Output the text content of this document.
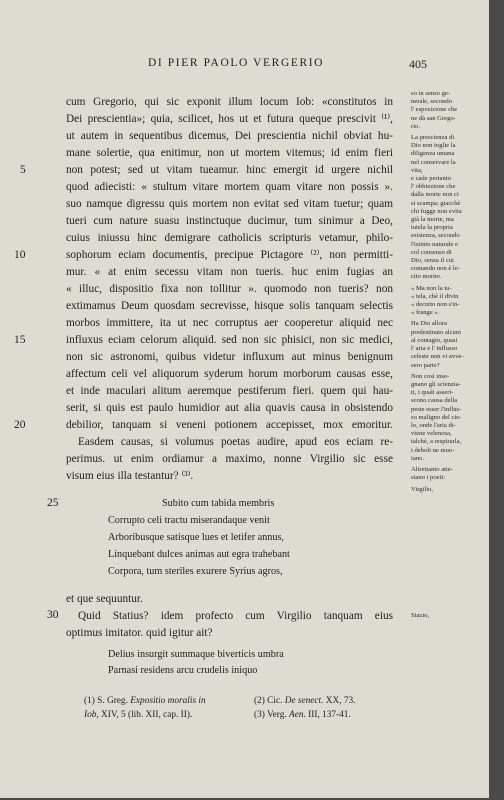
DI PIER PAOLO VERGERIO	405
cum Gregorio, qui sic exponit illum locum Iob: «constitutos in
Dei prescientia»; quia, scilicet, hos ut et futura queque prescivit ⁽¹⁾,
ut autem in sequentibus dicemus, Dei prescientia nichil obviat hu-
mane solertie, qua enitimur, non ut mortem vitemus; id enim fieri
non potest; sed ut vitam tueamur. hinc emergit id urgere nichil
quod adiecisti: « stultum vitare mortem quam vitare non possis ».
suo namque digressu quis mortem non evitat sed vitam tuetur; quam
tueri cum nature suasu instinctuque ducimur, tum sinimur a Deo,
cuius iniussu hinc demigrare catholicis scripturis vetamur, philo-
sophorum eciam documentis, precipue Pictagore ⁽²⁾, non permitti-
mur. « at enim secessu vitam non tueris. huc enim fugias an
« illuc, dispositio fixa non tollitur ». quomodo non tueris? non
extimamus Deum quosdam secrevisse, hisque solis tanquam selectis
morbos immittere, ita ut nec corruptus aer cooperetur aliquid nec
influxus eciam celorum aliquid. sed non sic phisici, non sic medici,
non sic astronomi, quibus videtur influxum aut minus benignum
affectum celi vel aliquorum syderum horum morborum causas esse,
et inde maculari alitum aeremque pestiferum fieri. quem qui hau-
serit, si quis est paulo humidior aut alia quavis causa in obsistendo
debilior, tanquam si veneni potionem accepisset, mox emoritur.
Easdem causas, si volumus poetas audire, apud eos eciam re-
perimus. ut enim ordiamur a maximo, nonne Virgilio sic esse
visum eius illa testantur? ⁽³⁾.
Subito cum tabida membris
Corrupto celi tractu miserandaque venit
Arboribusque satisque lues et letifer annus,
Linquebant dulces animas aut egra trahebant
Corpora, tum steriles exurere Syrius agros,
et que sequuntur.
Quid Statius? idem profecto cum Virgilio tanquam eius
optimus imitator. quid igitur ait?
Delius insurgit summaque biverticis umbra
Parnasi residens arcu crudelis iniquo
5
10
15
20
25
30
so in senso ge-
nerale, secondo
l' esposizione che
ne dà san Grego-
rio.
La prescienza di
Dio non toglie la
diligenza umana
nel conservare la
vita,
e cade pertanto
l' obbiezione che
dalla morte non ci
si scampa; giacchè
chi fugge non evita
già la morte, ma
tutela la propria
esistenza, secondo
l'istinto naturale e
col consenso di
Dio, senza il cui
comando non è le-
cito morire.
« Ma non la tu-
« tela, chè il divin
« decreto non s'in-
« frange ».
Ha Dio allora
predestinato alcuni
al contagio, quasi
l' aria e l' influsso
celeste non vi avve-
sero parte?
Non così inse-
gnano gli scienzia-
ti, i quali asseri-
scono causa della
peste esser l'influs-
so maligno del cie-
lo, onde l'aria di-
viene velenosa,
talchè, a respirarla,
i deboli ne muo-
iano.
Altrettanto atte-
stano i poeti:
Virgilio,
Stazio,
(1) S. Greg. Expositio moralis in
Iob, XIV, 5 (lib. XII, cap. II).
(2) Cic. De senect. XX, 73.
(3) Verg. Aen. III, 137-41.
